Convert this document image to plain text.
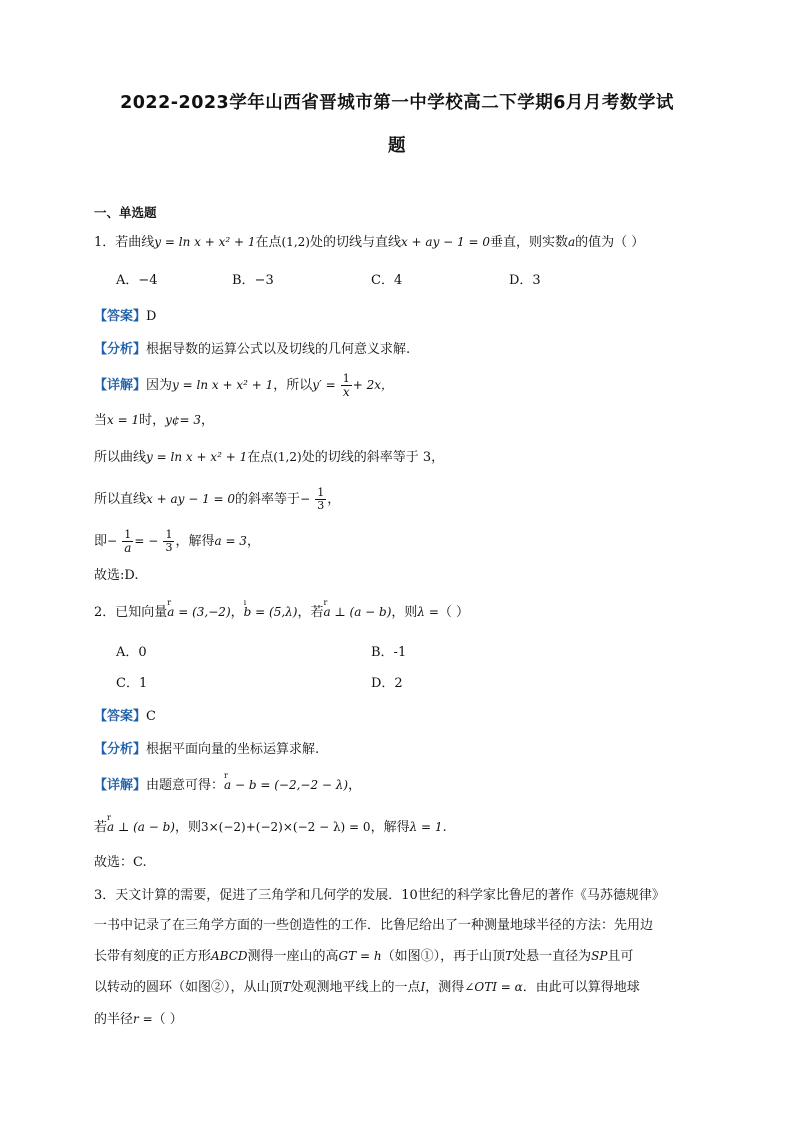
2022-2023学年山西省晋城市第一中学校高二下学期6月月考数学试
题
一、单选题
1．若曲线y = ln x + x² + 1在点(1,2)处的切线与直线x + ay − 1 = 0垂直，则实数a的值为（ ）
A．−4	B．−3	C．4	D．3
【答案】D
【分析】根据导数的运算公式以及切线的几何意义求解.
【详解】因为y = ln x + x² + 1，所以$y' = \frac{1}{x} + 2x$，
当x = 1时，y¢= 3，
所以曲线y = ln x + x² + 1在点(1,2)处的切线的斜率等于 3，
所以直线x + ay − 1 = 0的斜率等于− $\frac{1}{3}$ ，
即− $\frac{1}{a}$ = − $\frac{1}{3}$ ，解得a = 3，
故选:D.
2．已知向量r a = (3,−2)，ı b = (5,λ)，若r a ⊥ (a − b)，则λ =（ ）
A．0	B．-1
C．1	D．2
【答案】C
【分析】根据平面向量的坐标运算求解.
【详解】由题意可得：r a − b = (−2,−2 − λ)，
若r a ⊥ (a − b)，则3×(−2)+(−2)×(−2 − λ) = 0，解得λ = 1.
故选：C.
3．天文计算的需要，促进了三角学和几何学的发展．10世纪的科学家比鲁尼的著作《马苏德规律》
一书中记录了在三角学方面的一些创造性的工作．比鲁尼给出了一种测量地球半径的方法：先用边
长带有刻度的正方形ABCD测得一座山的高GT = h（如图①），再于山顶T处悬一直径为SP且可
以转动的圆环（如图②），从山顶T处观测地平线上的一点I，测得∠OTI = α．由此可以算得地球
的半径r =（ ）
